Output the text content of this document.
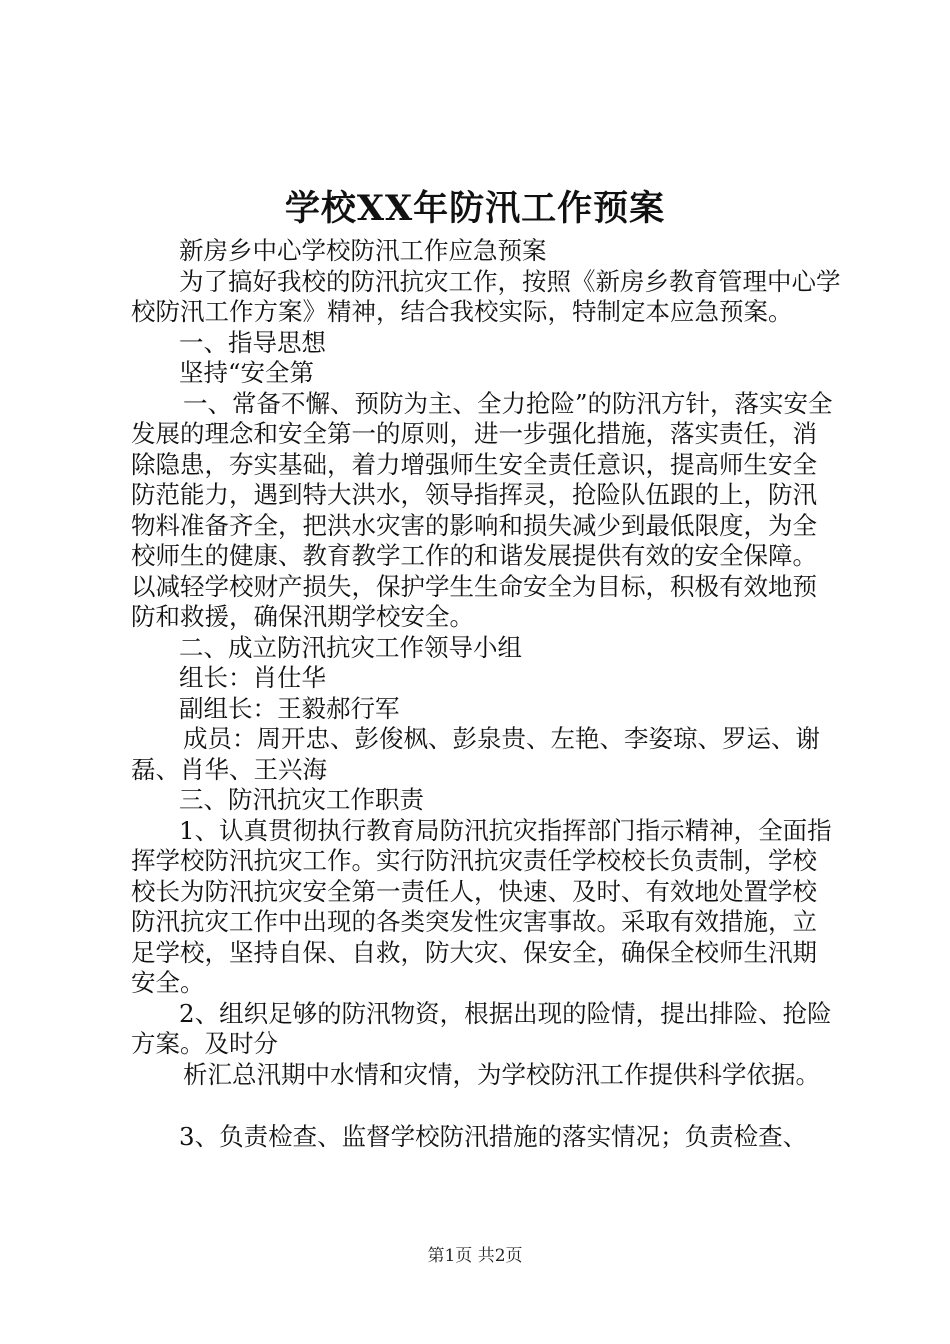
学校XX年防汛工作预案

新房乡中心学校防汛工作应急预案

为了搞好我校的防汛抗灾工作，按照《新房乡教育管理中心学校防汛工作方案》精神，结合我校实际，特制定本应急预案。

一、指导思想

坚持“安全第

一、常备不懈、预防为主、全力抢险”的防汛方针，落实安全发展的理念和安全第一的原则，进一步强化措施，落实责任，消除隐患，夯实基础，着力增强师生安全责任意识，提高师生安全防范能力，遇到特大洪水，领导指挥灵，抢险队伍跟的上，防汛物料准备齐全，把洪水灾害的影响和损失减少到最低限度，为全校师生的健康、教育教学工作的和谐发展提供有效的安全保障。以减轻学校财产损失，保护学生生命安全为目标，积极有效地预防和救援，确保汛期学校安全。

二、成立防汛抗灾工作领导小组

组长：肖仕华

副组长：王毅郝行军

成员：周开忠、彭俊枫、彭泉贵、左艳、李姿琼、罗运、谢磊、肖华、王兴海

三、防汛抗灾工作职责

1、认真贯彻执行教育局防汛抗灾指挥部门指示精神，全面指挥学校防汛抗灾工作。实行防汛抗灾责任学校校长负责制，学校校长为防汛抗灾安全第一责任人，快速、及时、有效地处置学校防汛抗灾工作中出现的各类突发性灾害事故。采取有效措施，立足学校，坚持自保、自救，防大灾、保安全，确保全校师生汛期安全。

2、组织足够的防汛物资，根据出现的险情，提出排险、抢险方案。及时分

析汇总汛期中水情和灾情，为学校防汛工作提供科学依据。

3、负责检查、监督学校防汛措施的落实情况；负责检查、

第1页 共2页
